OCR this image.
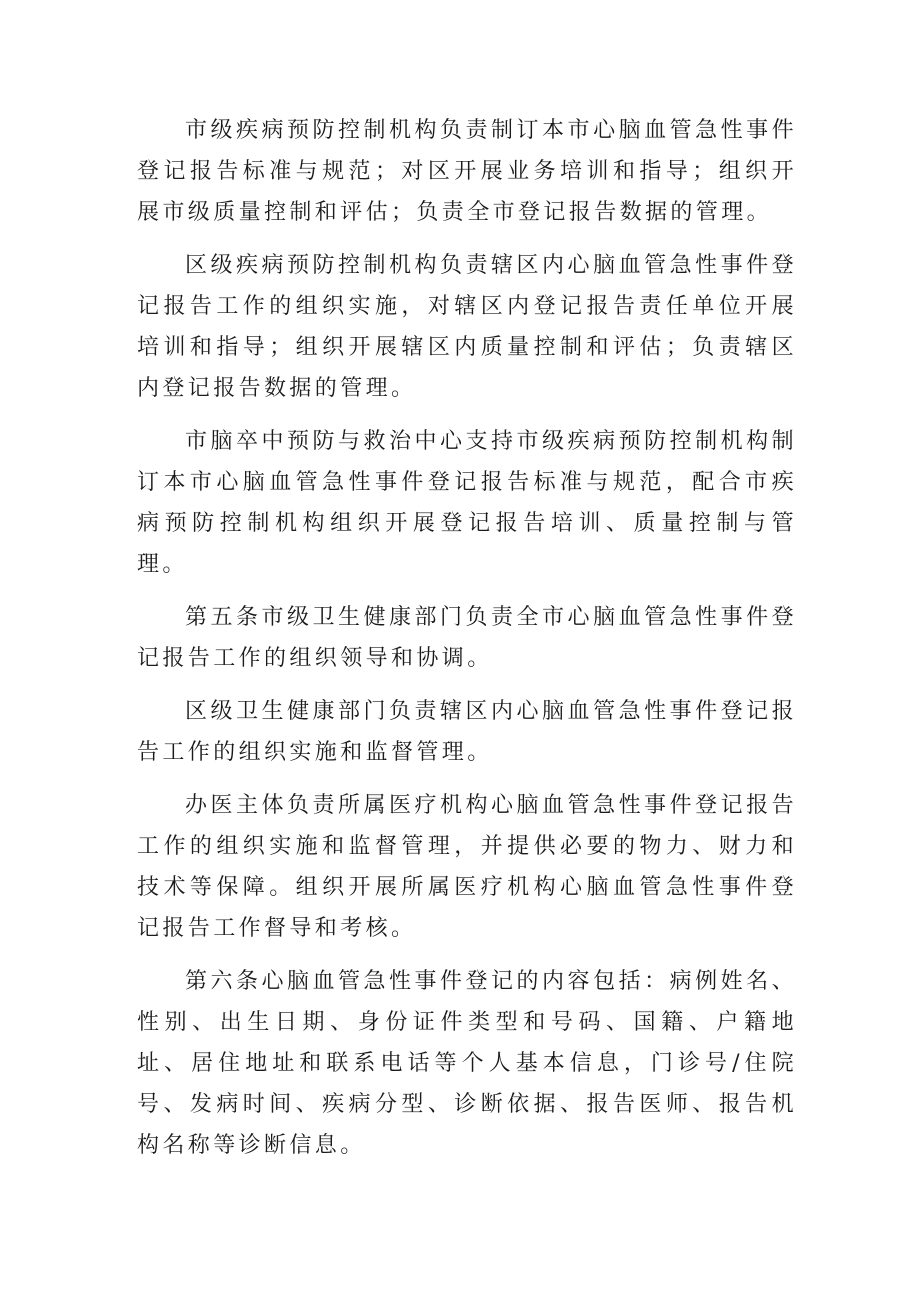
市级疾病预防控制机构负责制订本市心脑血管急性事件登记报告标准与规范；对区开展业务培训和指导；组织开展市级质量控制和评估；负责全市登记报告数据的管理。

区级疾病预防控制机构负责辖区内心脑血管急性事件登记报告工作的组织实施，对辖区内登记报告责任单位开展培训和指导；组织开展辖区内质量控制和评估；负责辖区内登记报告数据的管理。

市脑卒中预防与救治中心支持市级疾病预防控制机构制订本市心脑血管急性事件登记报告标准与规范，配合市疾病预防控制机构组织开展登记报告培训、质量控制与管理。

第五条市级卫生健康部门负责全市心脑血管急性事件登记报告工作的组织领导和协调。

区级卫生健康部门负责辖区内心脑血管急性事件登记报告工作的组织实施和监督管理。

办医主体负责所属医疗机构心脑血管急性事件登记报告工作的组织实施和监督管理，并提供必要的物力、财力和技术等保障。组织开展所属医疗机构心脑血管急性事件登记报告工作督导和考核。

第六条心脑血管急性事件登记的内容包括：病例姓名、性别、出生日期、身份证件类型和号码、国籍、户籍地址、居住地址和联系电话等个人基本信息，门诊号/住院号、发病时间、疾病分型、诊断依据、报告医师、报告机构名称等诊断信息。
